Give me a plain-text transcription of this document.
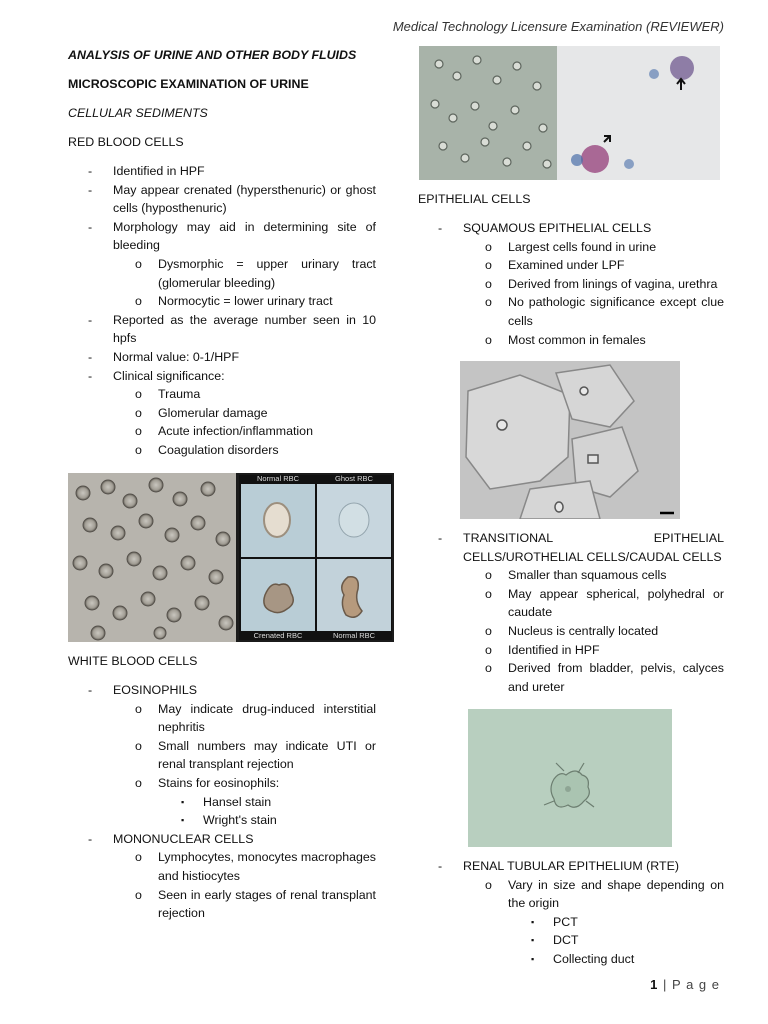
Medical Technology Licensure Examination (REVIEWER)
ANALYSIS OF URINE AND OTHER BODY FLUIDS
MICROSCOPIC EXAMINATION OF URINE
CELLULAR SEDIMENTS
RED BLOOD CELLS
- Identified in HPF
- May appear crenated (hypersthenuric) or ghost cells (hyposthenuric)
- Morphology may aid in determining site of bleeding
o Dysmorphic = upper urinary tract (glomerular bleeding)
o Normocytic = lower urinary tract
- Reported as the average number seen in 10 hpfs
- Normal value: 0-1/HPF
- Clinical significance:
o Trauma
o Glomerular damage
o Acute infection/inflammation
o Coagulation disorders
Normal RBC	Ghost RBC
Crenated RBC	Normal RBC
WHITE BLOOD CELLS
- EOSINOPHILS
o May indicate drug-induced interstitial nephritis
o Small numbers may indicate UTI or renal transplant rejection
o Stains for eosinophils:
▪ Hansel stain
▪ Wright's stain
- MONONUCLEAR CELLS
o Lymphocytes, monocytes macrophages and histiocytes
o Seen in early stages of renal transplant rejection
EPITHELIAL CELLS
- SQUAMOUS EPITHELIAL CELLS
o Largest cells found in urine
o Examined under LPF
o Derived from linings of vagina, urethra
o No pathologic significance except clue cells
o Most common in females
- TRANSITIONAL EPITHELIAL CELLS/UROTHELIAL CELLS/CAUDAL CELLS
o Smaller than squamous cells
o May appear spherical, polyhedral or caudate
o Nucleus is centrally located
o Identified in HPF
o Derived from bladder, pelvis, calyces and ureter
- RENAL TUBULAR EPITHELIUM (RTE)
o Vary in size and shape depending on the origin
▪ PCT
▪ DCT
▪ Collecting duct
1 | P a g e
